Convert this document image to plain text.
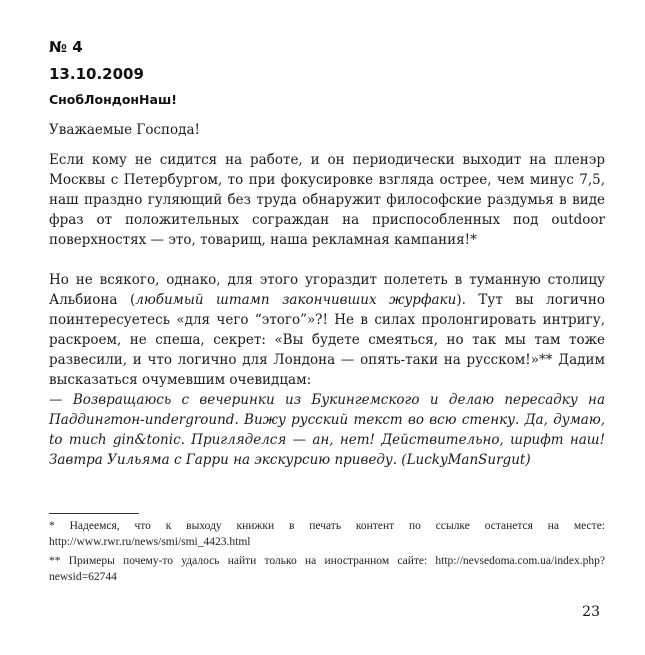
№ 4
13.10.2009
СнобЛондонНаш!

Уважаемые Господа!

Если кому не сидится на работе, и он периодически выходит на пленэр Москвы с Петербургом, то при фокусировке взгляда острее, чем минус 7,5, наш праздно гуляющий без труда обнаружит философские раздумья в виде фраз от положительных сограждан на приспособленных под outdoor поверхностях — это, товарищ, наша рекламная кампания!*

Но не всякого, однако, для этого угораздит полететь в туманную столицу Альбиона (любимый штамп закончивших журфаки). Тут вы логично поинтересуетесь «для чего “этого”»?! Не в силах пролонгировать интригу, раскроем, не спеша, секрет: «Вы будете смеяться, но так мы там тоже развесили, и что логично для Лондона — опять-таки на русском!»** Дадим высказаться очумевшим очевидцам:

— Возвращаюсь с вечеринки из Букингемского и делаю пересадку на Паддингтон-underground. Вижу русский текст во всю стенку. Да, думаю, to much gin&tonic. Пригляделся — ан, нет! Действительно, шрифт наш! Завтра Уильяма с Гарри на экскурсию приведу. (LuckyManSurgut)

* Надеемся, что к выходу книжки в печать контент по ссылке останется на месте: http://www.rwr.ru/news/smi/smi_4423.html
** Примеры почему-то удалось найти только на иностранном сайте: http://nevsedoma.com.ua/index.php?newsid=62744
23
